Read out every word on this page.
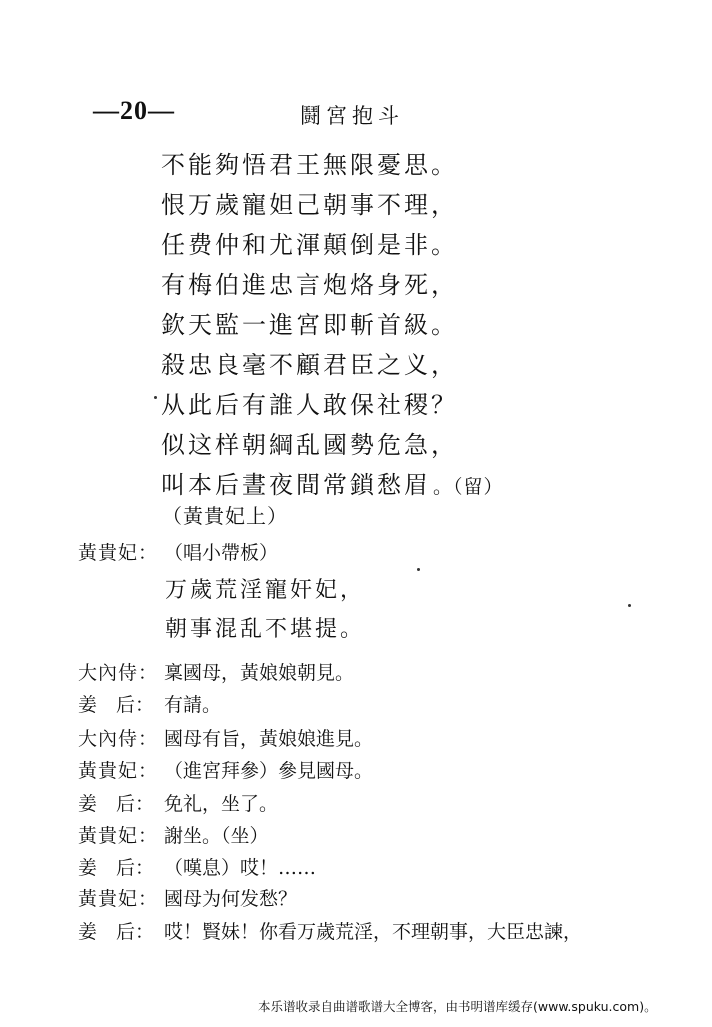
—20—	鬪宮抱斗
不能夠悟君王無限憂思。
恨万歲寵妲己朝事不理，
任费仲和尤渾顛倒是非。
有梅伯進忠言炮烙身死，
欽天監一進宮即斬首級。
殺忠良毫不顧君臣之义，
从此后有誰人敢保社稷？
似这样朝綱乱國勢危急，
叫本后晝夜間常鎖愁眉 。（留）
（黃貴妃上）
黃貴妃： （唱小帶板）
万歲荒淫寵奸妃，
朝事混乱不堪提。
大內侍： 稟國母，黃娘娘朝見。
姜　后： 有請。
大內侍： 國母有旨，黃娘娘進見。
黃貴妃： （進宮拜參）參見國母。
姜　后： 免礼，坐了。
黃貴妃： 謝坐。（坐）
姜　后： （嘆息）哎！……
黃貴妃： 國母为何发愁？
姜　后： 哎！賢妹！你看万歲荒淫，不理朝事，大臣忠諫，
本乐谱收录自曲谱歌谱大全博客，由书明谱库缓存(www.spuku.com)。
